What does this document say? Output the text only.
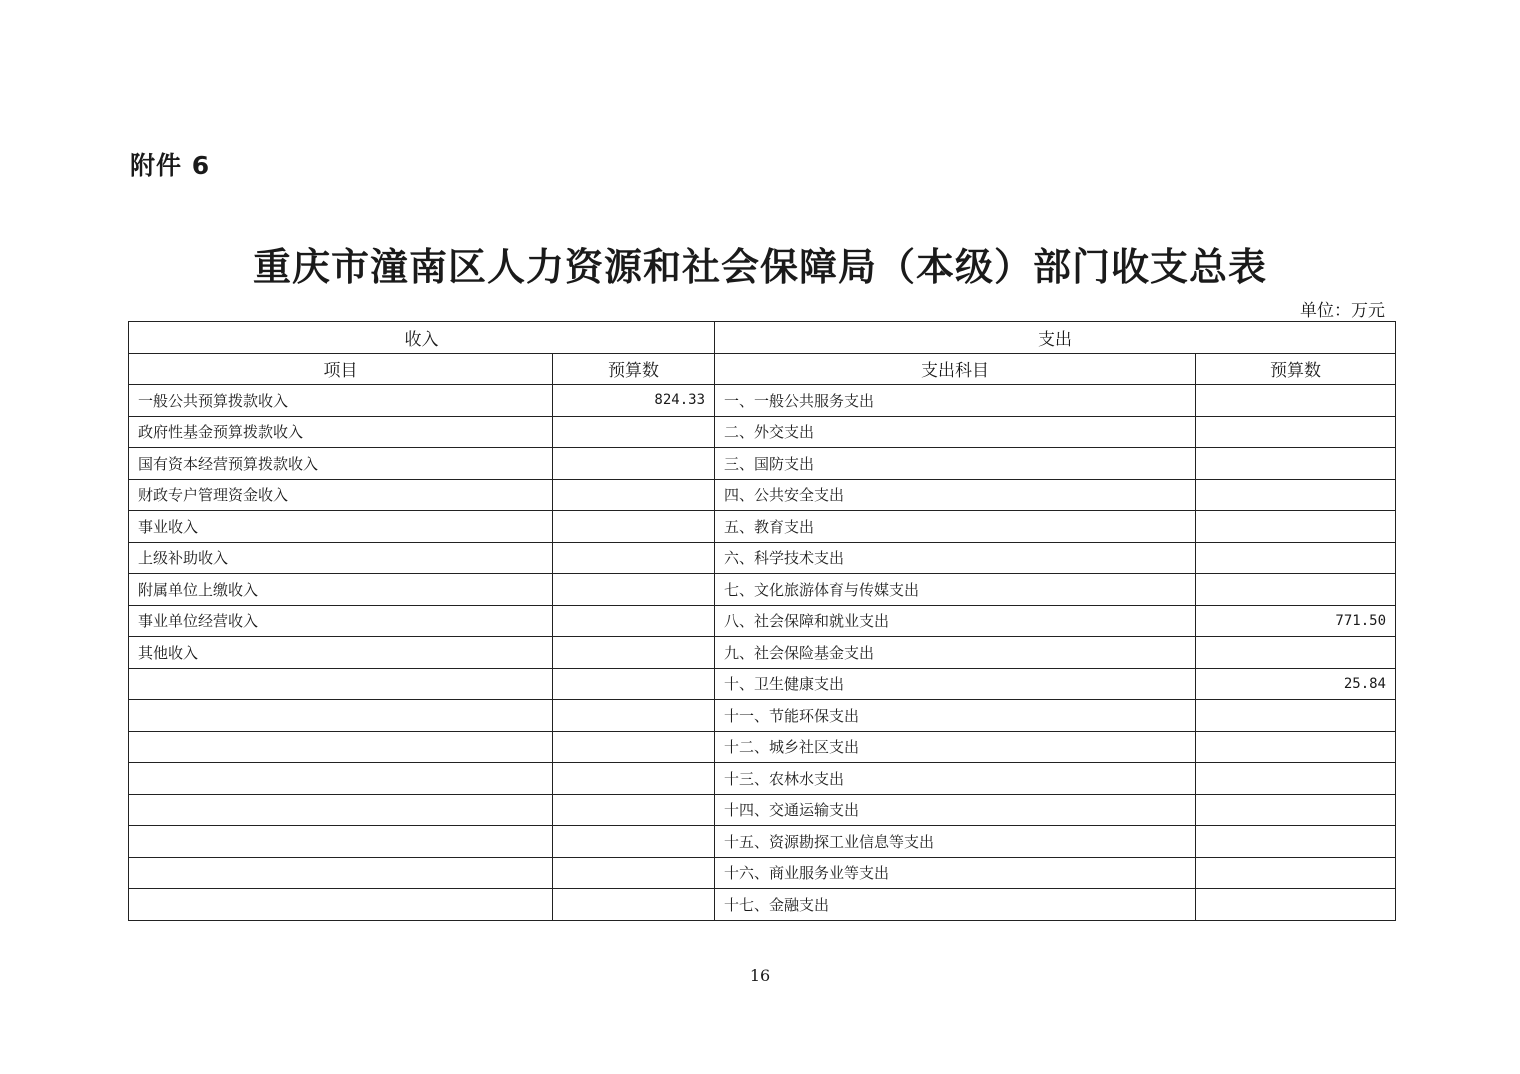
附件 6
重庆市潼南区人力资源和社会保障局（本级）部门收支总表
单位：万元
收入		支出	
项目	预算数	支出科目	预算数
一般公共预算拨款收入	824.33	一、一般公共服务支出	
政府性基金预算拨款收入		二、外交支出	
国有资本经营预算拨款收入		三、国防支出	
财政专户管理资金收入		四、公共安全支出	
事业收入		五、教育支出	
上级补助收入		六、科学技术支出	
附属单位上缴收入		七、文化旅游体育与传媒支出	
事业单位经营收入		八、社会保障和就业支出	771.50
其他收入		九、社会保险基金支出	
		十、卫生健康支出	25.84
		十一、节能环保支出	
		十二、城乡社区支出	
		十三、农林水支出	
		十四、交通运输支出	
		十五、资源勘探工业信息等支出	
		十六、商业服务业等支出	
		十七、金融支出	
16
